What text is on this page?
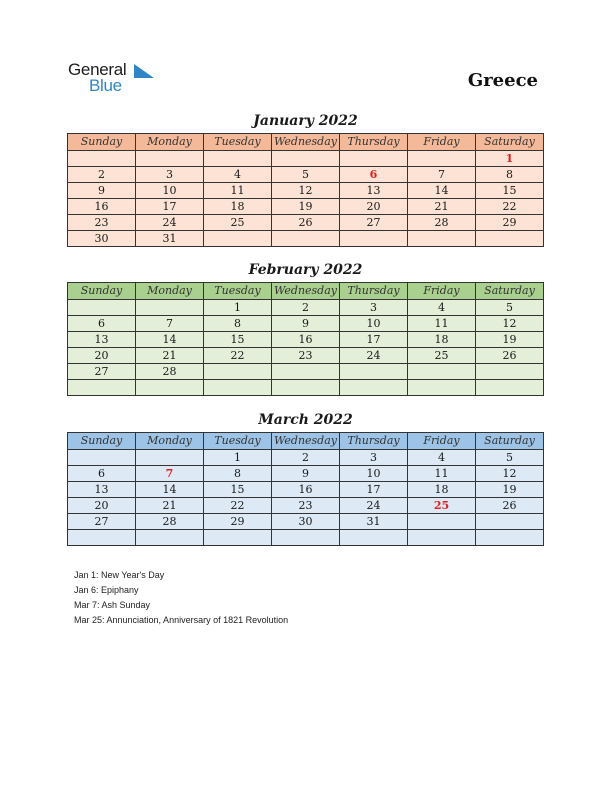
General
Blue	Greece
January 2022
Sunday	Monday	Tuesday	Wednesday	Thursday	Friday	Saturday
						1
2	3	4	5	6	7	8
9	10	11	12	13	14	15
16	17	18	19	20	21	22
23	24	25	26	27	28	29
30	31					
February 2022
Sunday	Monday	Tuesday	Wednesday	Thursday	Friday	Saturday
		1	2	3	4	5
6	7	8	9	10	11	12
13	14	15	16	17	18	19
20	21	22	23	24	25	26
27	28					

March 2022
Sunday	Monday	Tuesday	Wednesday	Thursday	Friday	Saturday
		1	2	3	4	5
6	7	8	9	10	11	12
13	14	15	16	17	18	19
20	21	22	23	24	25	26
27	28	29	30	31		

Jan 1: New Year's Day
Jan 6: Epiphany
Mar 7: Ash Sunday
Mar 25: Annunciation, Anniversary of 1821 Revolution
